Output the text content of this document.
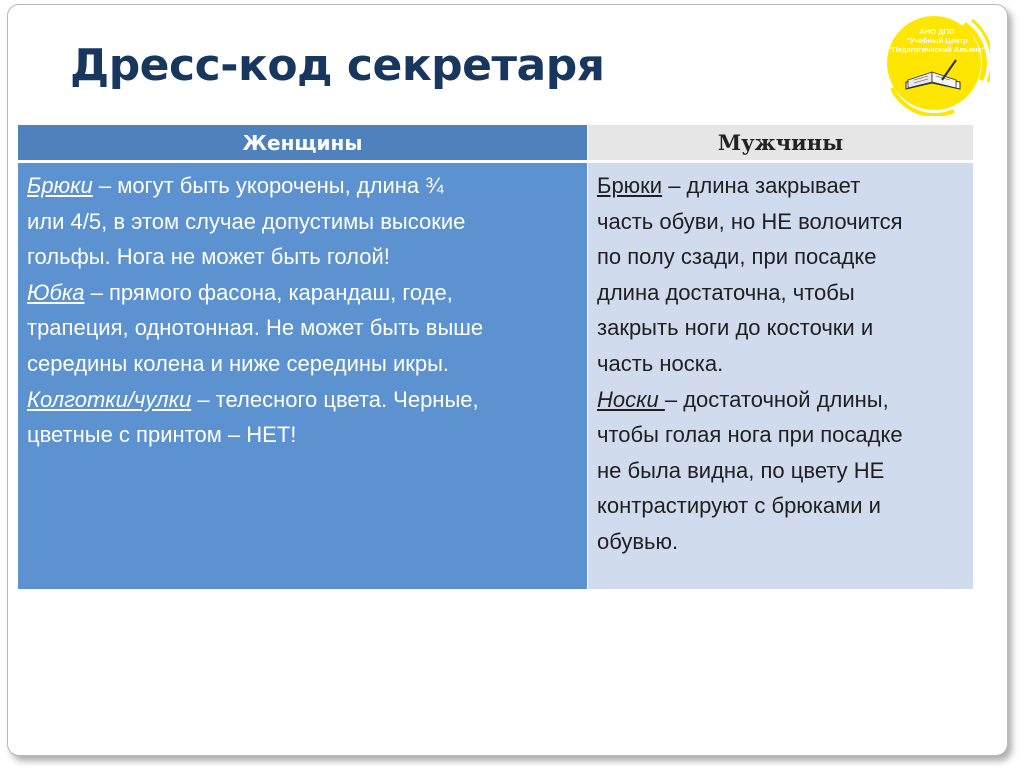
Дресс-код секретаря
АНО ДПО
"Учебный Центр
"Педагогический Альянс"
Женщины
Брюки – могут быть укорочены, длина ¾
или 4/5, в этом случае допустимы высокие
гольфы. Нога не может быть голой!
Юбка – прямого фасона, карандаш, годе,
трапеция, однотонная. Не может быть выше
середины колена и ниже середины икры.
Колготки/чулки – телесного цвета. Черные,
цветные с принтом – НЕТ!
Мужчины
Брюки – длина закрывает
часть обуви, но НЕ волочится
по полу сзади, при посадке
длина достаточна, чтобы
закрыть ноги до косточки и
часть носка.
Носки – достаточной длины,
чтобы голая нога при посадке
не была видна, по цвету НЕ
контрастируют с брюками и
обувью.
